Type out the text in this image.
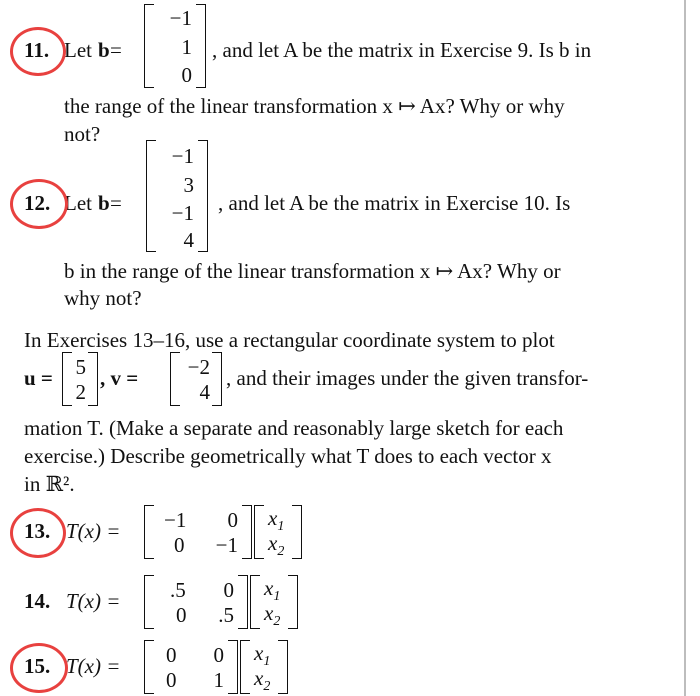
11. Let b =
−1
1
0
, and let A be the matrix in Exercise 9. Is b in
the range of the linear transformation x ↦ Ax? Why or why
not?
12. Let b =
−1
3
−1
4
, and let A be the matrix in Exercise 10. Is
b in the range of the linear transformation x ↦ Ax? Why or
why not?
In Exercises 13–16, use a rectangular coordinate system to plot
u = 5
2
, v = −2
4
, and their images under the given transfor-
mation T. (Make a separate and reasonably large sketch for each
exercise.) Describe geometrically what T does to each vector x
in ℝ².
13. T(x) = −1 0
0 −1
$x_1$
$x_2$
14. T(x) = .5 0
0 .5
$x_1$
$x_2$
15. T(x) = 0 0
0 1
$x_1$
$x_2$
